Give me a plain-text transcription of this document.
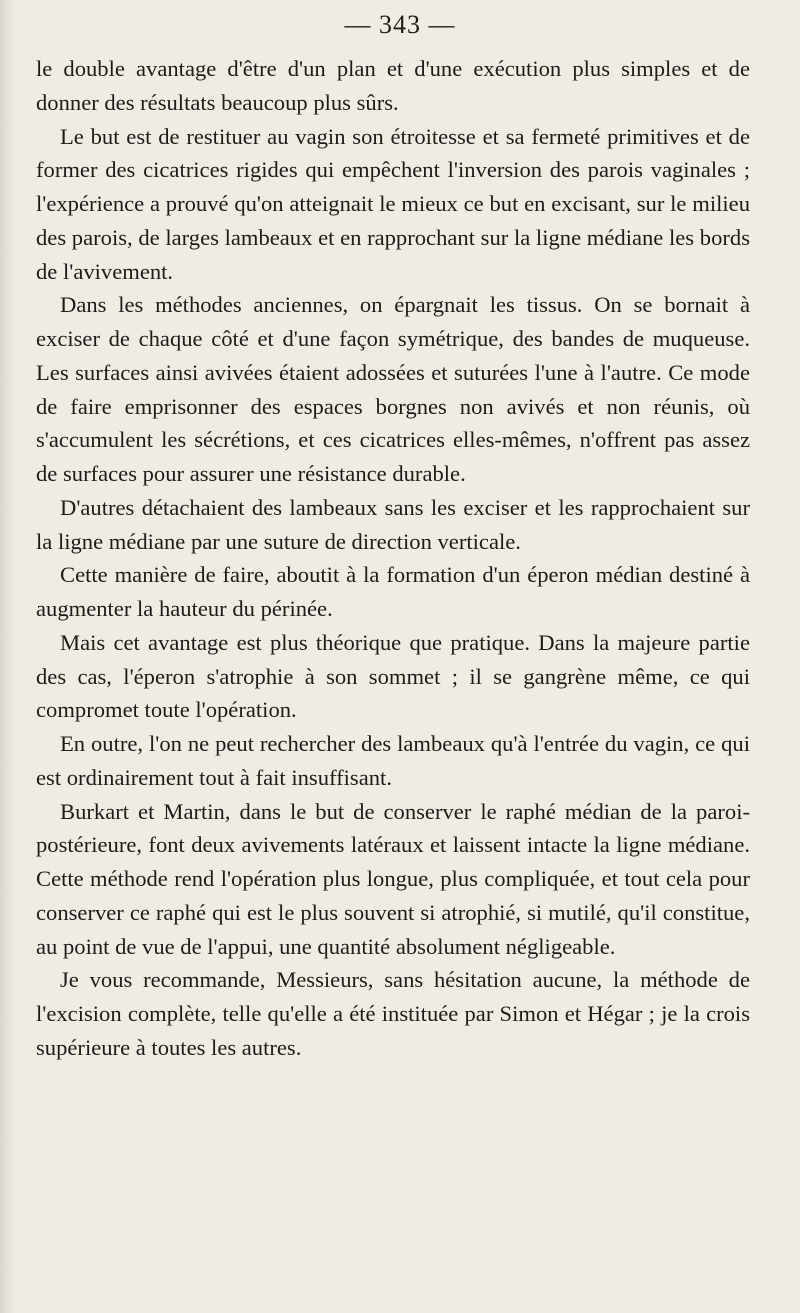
— 343 —

le double avantage d'être d'un plan et d'une exécution plus simples et de donner des résultats beaucoup plus sûrs.

Le but est de restituer au vagin son étroitesse et sa fermeté primitives et de former des cicatrices rigides qui empêchent l'inversion des parois vaginales ; l'expérience a prouvé qu'on atteignait le mieux ce but en excisant, sur le milieu des parois, de larges lambeaux et en rapprochant sur la ligne médiane les bords de l'avivement.

Dans les méthodes anciennes, on épargnait les tissus. On se bornait à exciser de chaque côté et d'une façon symétrique, des bandes de muqueuse. Les surfaces ainsi avivées étaient adossées et suturées l'une à l'autre. Ce mode de faire emprisonner des espaces borgnes non avivés et non réunis, où s'accumulent les sécrétions, et ces cicatrices elles-mêmes, n'offrent pas assez de surfaces pour assurer une résistance durable.

D'autres détachaient des lambeaux sans les exciser et les rapprochaient sur la ligne médiane par une suture de direction verticale.

Cette manière de faire, aboutit à la formation d'un éperon médian destiné à augmenter la hauteur du périnée.

Mais cet avantage est plus théorique que pratique. Dans la majeure partie des cas, l'éperon s'atrophie à son sommet ; il se gangrène même, ce qui compromet toute l'opération.

En outre, l'on ne peut rechercher des lambeaux qu'à l'entrée du vagin, ce qui est ordinairement tout à fait insuffisant.

Burkart et Martin, dans le but de conserver le raphé médian de la paroi-postérieure, font deux avivements latéraux et laissent intacte la ligne médiane. Cette méthode rend l'opération plus longue, plus compliquée, et tout cela pour conserver ce raphé qui est le plus souvent si atrophié, si mutilé, qu'il constitue, au point de vue de l'appui, une quantité absolument négligeable.

Je vous recommande, Messieurs, sans hésitation aucune, la méthode de l'excision complète, telle qu'elle a été instituée par Simon et Hégar ; je la crois supérieure à toutes les autres.
